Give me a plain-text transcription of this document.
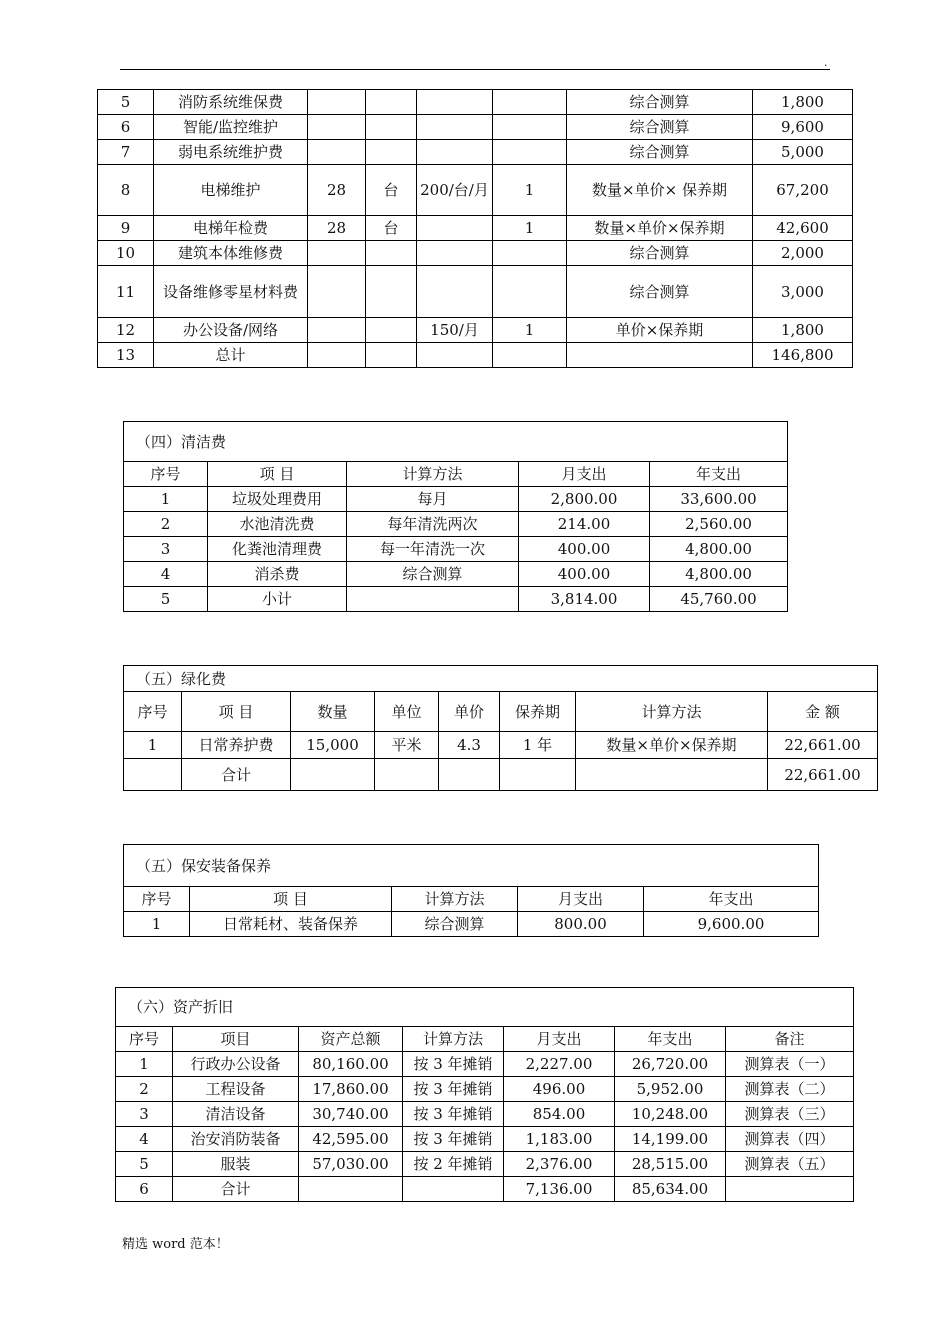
.
5	消防系统维保费					综合测算	1,800
6	智能/监控维护					综合测算	9,600
7	弱电系统维护费					综合测算	5,000
8	电梯维护	28	台	200/台/月	1	数量×单价× 保养期	67,200
9	电梯年检费	28	台		1	数量×单价×保养期	42,600
10	建筑本体维修费					综合测算	2,000
11	设备维修零星材料费					综合测算	3,000
12	办公设备/网络			150/月	1	单价×保养期	1,800
13	总计						146,800
（四）清洁费				
序号	项 目	计算方法	月支出	年支出
1	垃圾处理费用	每月	2,800.00	33,600.00
2	水池清洗费	每年清洗两次	214.00	2,560.00
3	化粪池清理费	每一年清洗一次	400.00	4,800.00
4	消杀费	综合测算	400.00	4,800.00
5	小计		3,814.00	45,760.00
（五）绿化费							
序号	项 目	数量	单位	单价	保养期	计算方法	金 额
1	日常养护费	15,000	平米	4.3	1 年	数量×单价×保养期	22,661.00
	合计						22,661.00
（五）保安装备保养				
序号	项 目	计算方法	月支出	年支出
1	日常耗材、装备保养	综合测算	800.00	9,600.00
（六）资产折旧						
序号	项目	资产总额	计算方法	月支出	年支出	备注
1	行政办公设备	80,160.00	按 3 年摊销	2,227.00	26,720.00	测算表（一）
2	工程设备	17,860.00	按 3 年摊销	496.00	5,952.00	测算表（二）
3	清洁设备	30,740.00	按 3 年摊销	854.00	10,248.00	测算表（三）
4	治安消防装备	42,595.00	按 3 年摊销	1,183.00	14,199.00	测算表（四）
5	服装	57,030.00	按 2 年摊销	2,376.00	28,515.00	测算表（五）
6	合计			7,136.00	85,634.00	
精选 word 范本！
